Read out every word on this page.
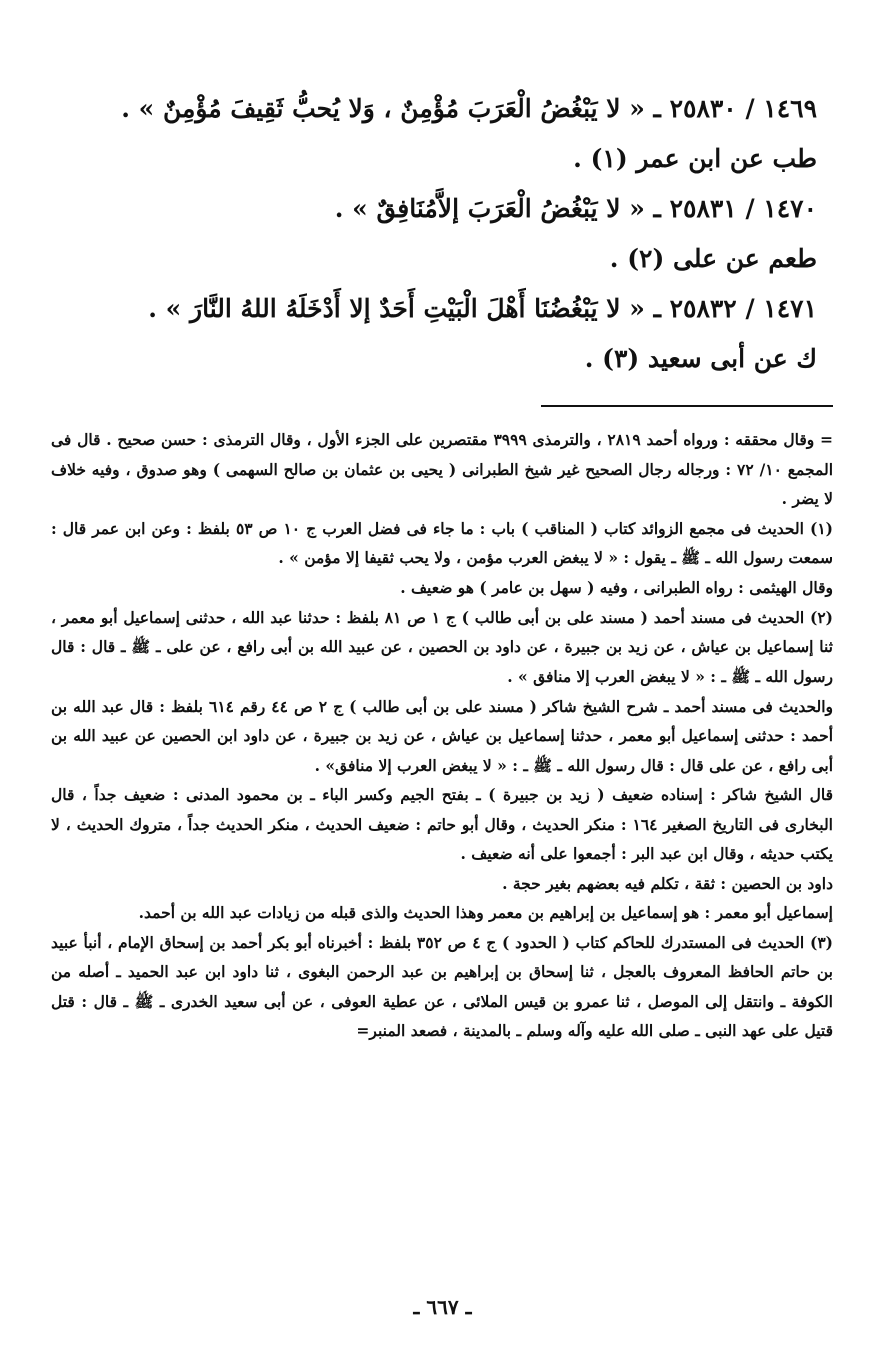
١٤٦٩ / ٢٥٨٣٠ ـ « لا يَبْغُضُ الْعَرَبَ مُؤْمِنٌ ، وَلا يُحبُّ ثَقِيفَ مُؤْمِنٌ » .

طب عن ابن عمر (١) .

١٤٧٠ / ٢٥٨٣١ ـ « لا يَبْغُضُ الْعَرَبَ إلاَّمُنَافِقٌ » .

طعم عن على (٢) .

١٤٧١ / ٢٥٨٣٢ ـ « لا يَبْغُضُنَا أَهْلَ الْبَيْتِ أَحَدٌ إلا أَدْخَلَهُ اللهُ النَّارَ » .

ك عن أبى سعيد (٣) .

= وقال محققه : ورواه أحمد ٢٨١٩ ، والترمذى ٣٩٩٩ مقتصرين على الجزء الأول ، وقال الترمذى : حسن صحيح . قال فى المجمع ١٠/ ٧٢ : ورجاله رجال الصحيح غير شيخ الطبرانى ( يحيى بن عثمان بن صالح السهمى ) وهو صدوق ، وفيه خلاف لا يضر .

(١) الحديث فى مجمع الزوائد كتاب ( المناقب ) باب : ما جاء فى فضل العرب ج ١٠ ص ٥٣ بلفظ : وعن ابن عمر قال : سمعت رسول الله ـ ﷺ ـ يقول : « لا يبغض العرب مؤمن ، ولا يحب ثقيفا إلا مؤمن » .

وقال الهيثمى : رواه الطبرانى ، وفيه ( سهل بن عامر ) هو ضعيف .

(٢) الحديث فى مسند أحمد ( مسند على بن أبى طالب ) ج ١ ص ٨١ بلفظ : حدثنا عبد الله ، حدثنى إسماعيل أبو معمر ، ثنا إسماعيل بن عياش ، عن زيد بن جبيرة ، عن داود بن الحصين ، عن عبيد الله بن أبى رافع ، عن على ـ ﷺ ـ قال : قال رسول الله ـ ﷺ ـ : « لا يبغض العرب إلا منافق » .

والحديث فى مسند أحمد ـ شرح الشيخ شاكر ( مسند على بن أبى طالب ) ج ٢ ص ٤٤ رقم ٦١٤ بلفظ : قال عبد الله بن أحمد : حدثنى إسماعيل أبو معمر ، حدثنا إسماعيل بن عياش ، عن زيد بن جبيرة ، عن داود ابن الحصين عن عبيد الله بن أبى رافع ، عن على قال : قال رسول الله ـ ﷺ ـ : « لا يبغض العرب إلا منافق» .

قال الشيخ شاكر : إسناده ضعيف ( زيد بن جبيرة ) ـ بفتح الجيم وكسر الباء ـ بن محمود المدنى : ضعيف جداً ، قال البخارى فى التاريخ الصغير ١٦٤ : منكر الحديث ، وقال أبو حاتم : ضعيف الحديث ، منكر الحديث جداً ، متروك الحديث ، لا يكتب حديثه ، وقال ابن عبد البر : أجمعوا على أنه ضعيف .

داود بن الحصين : ثقة ، تكلم فيه بعضهم بغير حجة .

إسماعيل أبو معمر : هو إسماعيل بن إبراهيم بن معمر وهذا الحديث والذى قبله من زيادات عبد الله بن أحمد.

(٣) الحديث فى المستدرك للحاكم كتاب ( الحدود ) ج ٤ ص ٣٥٢ بلفظ : أخبرناه أبو بكر أحمد بن إسحاق الإمام ، أنبأ عبيد بن حاتم الحافظ المعروف بالعجل ، ثنا إسحاق بن إبراهيم بن عبد الرحمن البغوى ، ثنا داود ابن عبد الحميد ـ أصله من الكوفة ـ وانتقل إلى الموصل ، ثنا عمرو بن قيس الملائى ، عن عطية العوفى ، عن أبى سعيد الخدرى ـ ﷺ ـ قال : قتل قتيل على عهد النبى ـ صلى الله عليه وآله وسلم ـ بالمدينة ، فصعد المنبر=

ـ ٦٦٧ ـ
